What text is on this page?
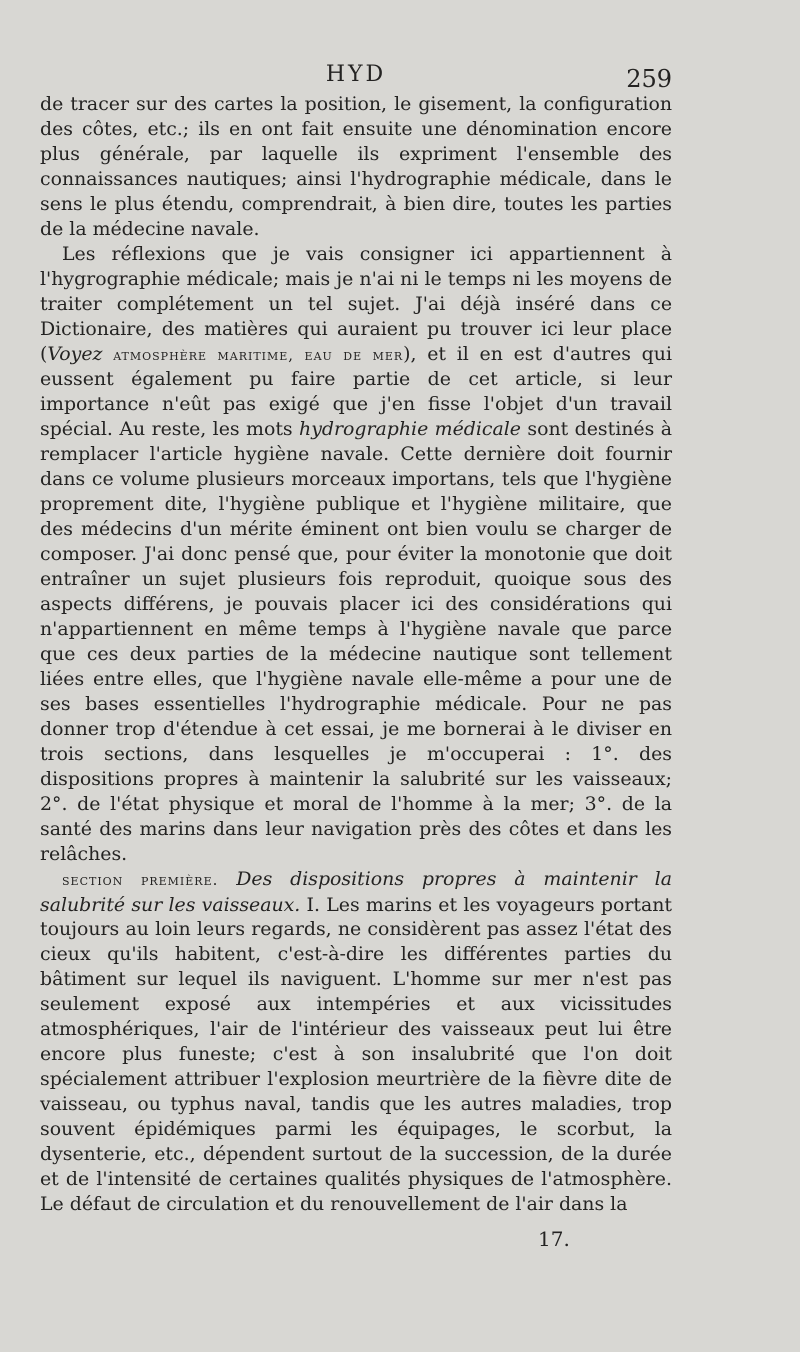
HYD	259

de tracer sur des cartes la position, le gisement, la configuration des côtes, etc.; ils en ont fait ensuite une dénomination encore plus générale, par laquelle ils expriment l'ensemble des connaissances nautiques; ainsi l'hydrographie médicale, dans le sens le plus étendu, comprendrait, à bien dire, toutes les parties de la médecine navale.

Les réflexions que je vais consigner ici appartiennent à l'hygrographie médicale; mais je n'ai ni le temps ni les moyens de traiter complétement un tel sujet. J'ai déjà inséré dans ce Dictionaire, des matières qui auraient pu trouver ici leur place (Voyez atmosphère maritime, eau de mer), et il en est d'autres qui eussent également pu faire partie de cet article, si leur importance n'eût pas exigé que j'en fisse l'objet d'un travail spécial. Au reste, les mots hydrographie médicale sont destinés à remplacer l'article hygiène navale. Cette dernière doit fournir dans ce volume plusieurs morceaux importans, tels que l'hygiène proprement dite, l'hygiène publique et l'hygiène militaire, que des médecins d'un mérite éminent ont bien voulu se charger de composer. J'ai donc pensé que, pour éviter la monotonie que doit entraîner un sujet plusieurs fois reproduit, quoique sous des aspects différens, je pouvais placer ici des considérations qui n'appartiennent en même temps à l'hygiène navale que parce que ces deux parties de la médecine nautique sont tellement liées entre elles, que l'hygiène navale elle-même a pour une de ses bases essentielles l'hydrographie médicale. Pour ne pas donner trop d'étendue à cet essai, je me bornerai à le diviser en trois sections, dans lesquelles je m'occuperai : 1°. des dispositions propres à maintenir la salubrité sur les vaisseaux; 2°. de l'état physique et moral de l'homme à la mer; 3°. de la santé des marins dans leur navigation près des côtes et dans les relâches.

section première. Des dispositions propres à maintenir la salubrité sur les vaisseaux. I. Les marins et les voyageurs portant toujours au loin leurs regards, ne considèrent pas assez l'état des cieux qu'ils habitent, c'est-à-dire les différentes parties du bâtiment sur lequel ils naviguent. L'homme sur mer n'est pas seulement exposé aux intempéries et aux vicissitudes atmosphériques, l'air de l'intérieur des vaisseaux peut lui être encore plus funeste; c'est à son insalubrité que l'on doit spécialement attribuer l'explosion meurtrière de la fièvre dite de vaisseau, ou typhus naval, tandis que les autres maladies, trop souvent épidémiques parmi les équipages, le scorbut, la dysenterie, etc., dépendent surtout de la succession, de la durée et de l'intensité de certaines qualités physiques de l'atmosphère. Le défaut de circulation et du renouvellement de l'air dans la

17.
